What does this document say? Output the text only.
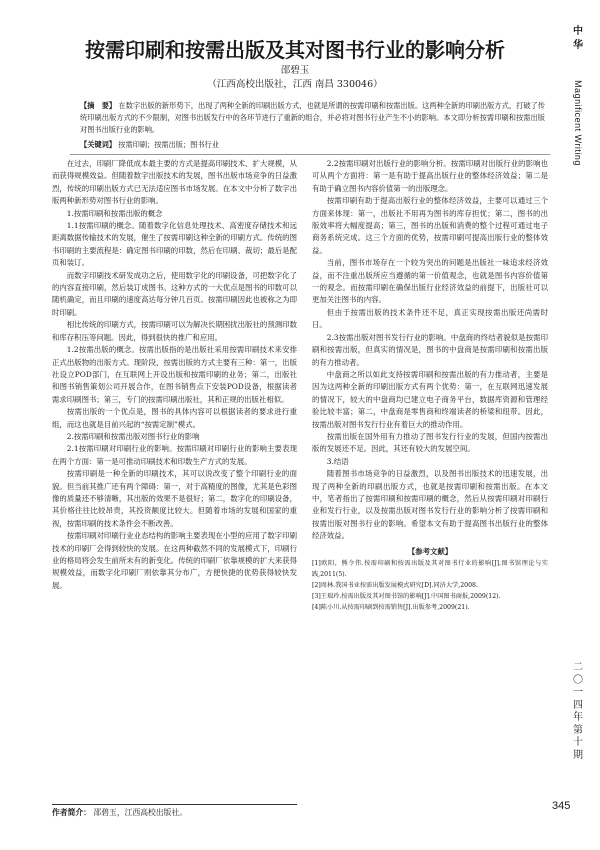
中
华
Magnificent Writing
二
〇
一
四
年
第
十
期
345
按需印刷和按需出版及其对图书行业的影响分析
邵碧玉
（江西高校出版社，江西 南昌 330046）
【摘　要】 在数字出版的新形势下，出现了两种全新的印刷出版方式，也就是所谓的按需印刷和按需出版。这两种全新的印刷出版方式，打破了传统印刷出版方式的不少限制，对图书出版发行中的各环节进行了重新的组合，并必将对图书行业产生不小的影响。本文即分析按需印刷和按需出版对图书出版行业的影响。
【关键词】 按需印刷；按需出版；图书行业

在过去，印刷厂降低成本最主要的方式是提高印刷技术、扩大规模，从而获得规模效益。但随着数字出版技术的发展，图书出版市场竞争的日益激烈，传统的印刷出版方式已无法适应图书市场发展。在本文中分析了数字出版两种新形势对图书行业的影响。

1.按需印刷和按需出版的概念

1.1按需印刷的概念。随着数字化信息处理技术、高密度存储技术和远距离数据传输技术的发展，催生了按需印刷这种全新的印刷方式。传统的图书印刷的主要流程是：确定图书印刷的印数，然后在印刷、裁切；最后是配页和装订。

而数字印刷技术研发成功之后，使用数字化的印刷设备，可把数字化了的内容直接印刷，然后装订成图书。这种方式的一大优点是图书的印数可以随机确定，而且印刷的速度高达每分钟几百页。按需印刷因此也被称之为即时印刷。

相比传统的印刷方式，按需印刷可以为解决长期困扰出版社的预测印数和库存积压等问题。因此，得到很快的推广和应用。

1.2按需出版的概念。按需出版指的是出版社采用按需印刷技术来安排正式出版物的出版方式。现阶段，按需出版的方式主要有三种：第一，出版社设立POD部门，在互联网上开设出版和按需印刷的业务；第二，出版社和图书销售策划公司开展合作，在图书销售点下安装POD设备，根据读者需求印刷图书；第三，专门的按需印刷出版社，其和正规的出版社相似。

按需出版的一个优点是，图书的具体内容可以根据读者的要求进行重组，而这也就是目前兴起的“按需定制”模式。

2.按需印刷和按需出版对图书行业的影响

2.1按需印刷对印刷行业的影响。按需印刷对印刷行业的影响主要表现在两个方面：第一是可推动印刷技术和印数生产方式的发展。

按需印刷是一种全新的印刷技术，其可以说改变了整个印刷行业的面貌。但当前其推广还有两个障碍：第一，对于高精度的图像，尤其是色彩图像的质量还不够清晰，其出版的效果不是很好；第二，数字化的印刷设备，其价格往往比较昂贵，其投资额度比较大。但随着市场的发展和国家的重视，按需印刷的技术条件会不断改善。

按需印刷对印刷行业业态结构的影响主要表现在小型的应用了数字印刷技术的印刷厂会得到较快的发展。在这两种截然不同的发展模式下，印刷行业的格局将会发生前所未有的新变化。传统的印刷厂依靠规模的扩大来获得规模效益，而数字化印刷厂则依靠其分布广，方便快捷的优势获得较快发展。

2.2按需印刷对出版行业的影响分析。按需印刷对出版行业的影响也可从两个方面将：第一是有助于提高出版行业的整体经济效益；第二是有助于确立图书内容价值第一的出版理念。

按需印刷有助于提高出版行业的整体经济效益，主要可以通过三个方面来体现：第一，出版社不用再为图书的库存担忧；第二，图书的出版效率将大幅度提高；第三，图书的出版和消费的整个过程可通过电子商务系统完成。这三个方面的优势，按需印刷可提高出版行业的整体效益。

当前，图书市场存在一个较为突出的问题是出版社一味追求经济效益，而不注重出版所应当遵循的第一价值观念，也就是图书内容价值第一的观念。而按需印刷在确保出版行业经济效益的前提下，出版社可以更加关注图书的内容。

但由于按需出版的技术条件还不足，真正实现按需出版还尚需时日。

2.3按需出版对图书发行行业的影响。中盘商的终结者貌似是按需印刷和按需出版，但真实的情况是，图书的中盘商是按需印刷和按需出版的有力推动者。

中盘商之所以如此支持按需印刷和按需出版的有力推动者，主要是因为这两种全新的印刷出版方式有两个优势：第一，在互联网迅速发展的情况下，较大的中盘商均已建立电子商务平台，数据库资源和管理经验比较丰富；第二，中盘商是零售商和终端读者的桥梁和纽带。因此，按需出版对图书发行行业有着巨大的推动作用。

按需出版在国外用有力推动了图书发行行业的发展，但国内按需出版的发展还不足。因此，其还有较大的发展空间。

3.结语

随着图书市场竞争的日益激烈，以及图书出版技术的迅速发展，出现了两种全新的印刷出版方式，也就是按需印刷和按需出版。在本文中，笔者指出了按需印刷和按需印刷的概念，然后从按需印刷对印刷行业和发行行业，以及按需出版对图书发行行业的影响分析了按需印刷和按需出版对图书行业的影响。希望本文有助于提高图书出版行业的整体经济效益。

【参考文献】

[1]欧阳，熊令伟.按需印刷和按需出版及其对图书行业的影响[J].图书馆理论与实践,2011(5).

[2]周林.我国书业按需出版发展模式研究[D].同济大学,2008.

[3]王瑞玲.按需出版及其对图书馆的影响[J].中国图书商报,2009(12).

[4]陈小川.从按需印刷到按需销售[J].出版参考,2009(21).

作者简介： 邵碧玉，江西高校出版社。
